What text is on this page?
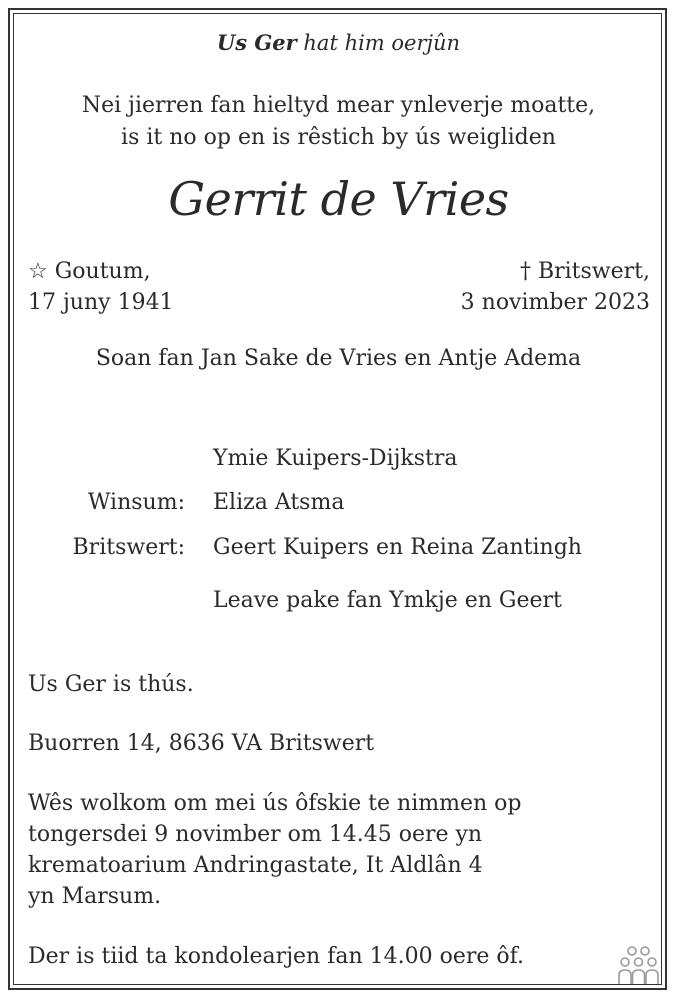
Us Ger hat him oerjûn
Nei jierren fan hieltyd mear ynleverje moatte,
is it no op en is rêstich by ús weigliden
Gerrit de Vries
☆ Goutum,
17 juny 1941
† Britswert,
3 novimber 2023
Soan fan Jan Sake de Vries en Antje Adema
Ymie Kuipers-Dijkstra
Winsum: Eliza Atsma
Britswert: Geert Kuipers en Reina Zantingh
Leave pake fan Ymkje en Geert
Us Ger is thús.
Buorren 14, 8636 VA Britswert
Wês wolkom om mei ús ôfskie te nimmen op
tongersdei 9 novimber om 14.45 oere yn
krematoarium Andringastate, It Aldlân 4
yn Marsum.
Der is tiid ta kondolearjen fan 14.00 oere ôf.
